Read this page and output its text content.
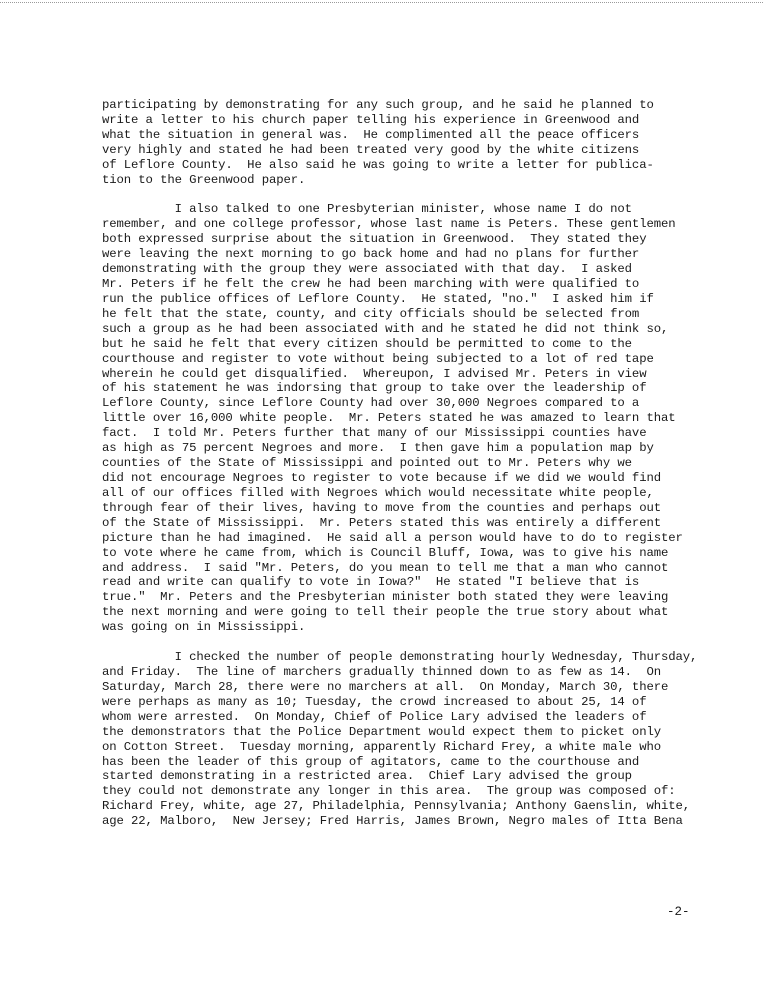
participating by demonstrating for any such group, and he said he planned to
write a letter to his church paper telling his experience in Greenwood and
what the situation in general was.  He complimented all the peace officers
very highly and stated he had been treated very good by the white citizens
of Leflore County.  He also said he was going to write a letter for publica-
tion to the Greenwood paper.

I also talked to one Presbyterian minister, whose name I do not
remember, and one college professor, whose last name is Peters. These gentlemen
both expressed surprise about the situation in Greenwood.  They stated they
were leaving the next morning to go back home and had no plans for further
demonstrating with the group they were associated with that day.  I asked
Mr. Peters if he felt the crew he had been marching with were qualified to
run the publice offices of Leflore County.  He stated, "no."  I asked him if
he felt that the state, county, and city officials should be selected from
such a group as he had been associated with and he stated he did not think so,
but he said he felt that every citizen should be permitted to come to the
courthouse and register to vote without being subjected to a lot of red tape
wherein he could get disqualified.  Whereupon, I advised Mr. Peters in view
of his statement he was indorsing that group to take over the leadership of
Leflore County, since Leflore County had over 30,000 Negroes compared to a
little over 16,000 white people.  Mr. Peters stated he was amazed to learn that
fact.  I told Mr. Peters further that many of our Mississippi counties have
as high as 75 percent Negroes and more.  I then gave him a population map by
counties of the State of Mississippi and pointed out to Mr. Peters why we
did not encourage Negroes to register to vote because if we did we would find
all of our offices filled with Negroes which would necessitate white people,
through fear of their lives, having to move from the counties and perhaps out
of the State of Mississippi.  Mr. Peters stated this was entirely a different
picture than he had imagined.  He said all a person would have to do to register
to vote where he came from, which is Council Bluff, Iowa, was to give his name
and address.  I said "Mr. Peters, do you mean to tell me that a man who cannot
read and write can qualify to vote in Iowa?"  He stated "I believe that is
true."  Mr. Peters and the Presbyterian minister both stated they were leaving
the next morning and were going to tell their people the true story about what
was going on in Mississippi.

I checked the number of people demonstrating hourly Wednesday, Thursday,
and Friday.  The line of marchers gradually thinned down to as few as 14.  On
Saturday, March 28, there were no marchers at all.  On Monday, March 30, there
were perhaps as many as 10; Tuesday, the crowd increased to about 25, 14 of
whom were arrested.  On Monday, Chief of Police Lary advised the leaders of
the demonstrators that the Police Department would expect them to picket only
on Cotton Street.  Tuesday morning, apparently Richard Frey, a white male who
has been the leader of this group of agitators, came to the courthouse and
started demonstrating in a restricted area.  Chief Lary advised the group
they could not demonstrate any longer in this area.  The group was composed of:
Richard Frey, white, age 27, Philadelphia, Pennsylvania; Anthony Gaenslin, white,
age 22, Malboro,  New Jersey; Fred Harris, James Brown, Negro males of Itta Bena

-2-
